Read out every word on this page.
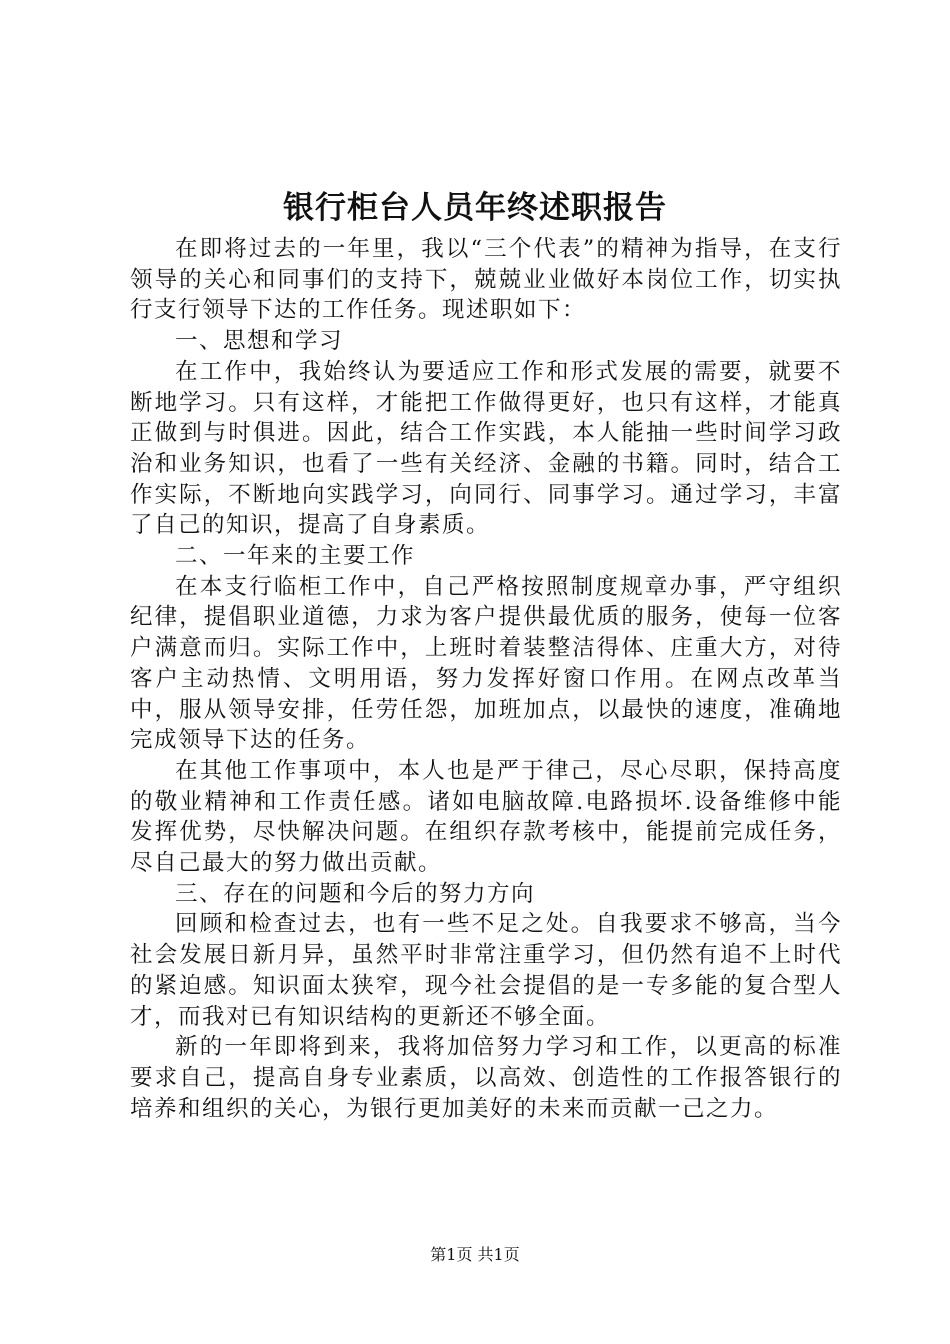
银行柜台人员年终述职报告

在即将过去的一年里，我以“三个代表”的精神为指导，在支行领导的关心和同事们的支持下，兢兢业业做好本岗位工作，切实执行支行领导下达的工作任务。现述职如下：

一、思想和学习

在工作中，我始终认为要适应工作和形式发展的需要，就要不断地学习。只有这样，才能把工作做得更好，也只有这样，才能真正做到与时俱进。因此，结合工作实践，本人能抽一些时间学习政治和业务知识，也看了一些有关经济、金融的书籍。同时，结合工作实际，不断地向实践学习，向同行、同事学习。通过学习，丰富了自己的知识，提高了自身素质。

二、一年来的主要工作

在本支行临柜工作中，自己严格按照制度规章办事，严守组织纪律，提倡职业道德，力求为客户提供最优质的服务，使每一位客户满意而归。实际工作中，上班时着装整洁得体、庄重大方，对待客户主动热情、文明用语，努力发挥好窗口作用。在网点改革当中，服从领导安排，任劳任怨，加班加点，以最快的速度，准确地完成领导下达的任务。

在其他工作事项中，本人也是严于律己，尽心尽职，保持高度的敬业精神和工作责任感。诸如电脑故障.电路损坏.设备维修中能发挥优势，尽快解决问题。在组织存款考核中，能提前完成任务，尽自己最大的努力做出贡献。

三、存在的问题和今后的努力方向

回顾和检查过去，也有一些不足之处。自我要求不够高，当今社会发展日新月异，虽然平时非常注重学习，但仍然有追不上时代的紧迫感。知识面太狭窄，现今社会提倡的是一专多能的复合型人才，而我对已有知识结构的更新还不够全面。

新的一年即将到来，我将加倍努力学习和工作，以更高的标准要求自己，提高自身专业素质，以高效、创造性的工作报答银行的培养和组织的关心，为银行更加美好的未来而贡献一己之力。

第1页 共1页
